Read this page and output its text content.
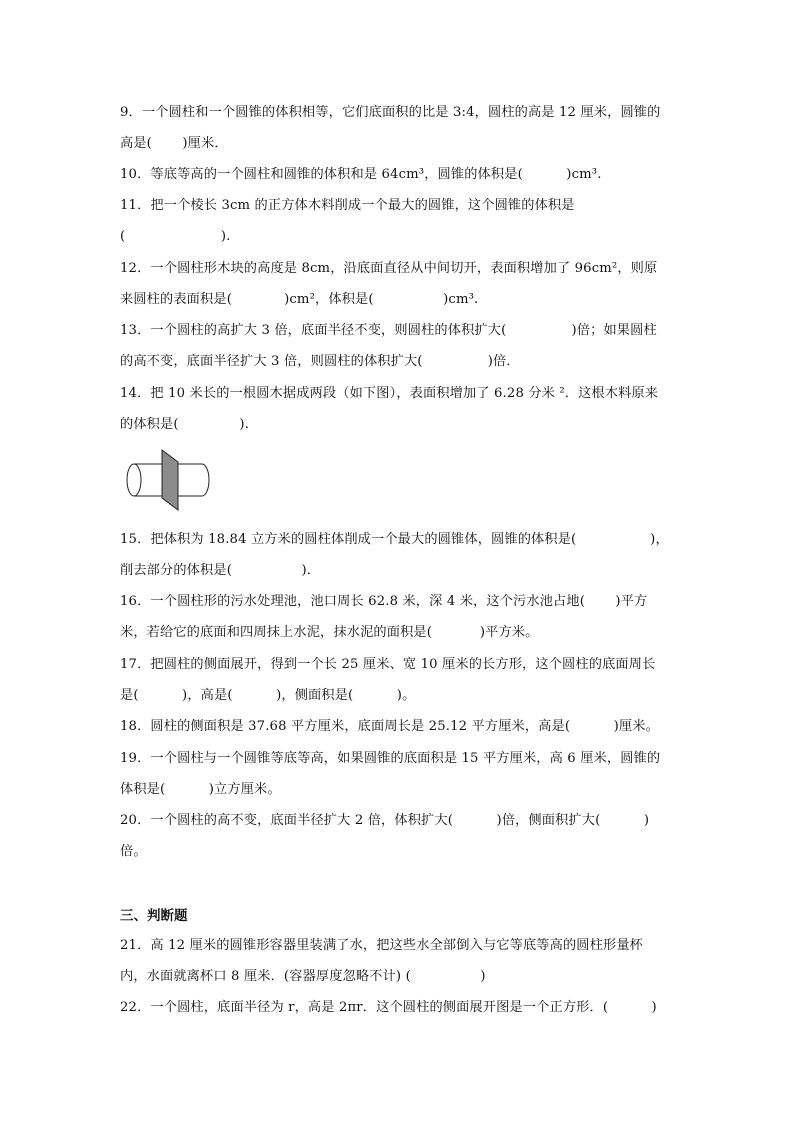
9．一个圆柱和一个圆锥的体积相等，它们底面积的比是 3:4，圆柱的高是 12 厘米，圆锥的
高是(       )厘米．
10．等底等高的一个圆柱和圆锥的体积和是 64cm³，圆锥的体积是(          )cm³.
11．把一个棱长 3cm 的正方体木料削成一个最大的圆锥，这个圆锥的体积是
(                      ).
12．一个圆柱形木块的高度是 8cm，沿底面直径从中间切开，表面积增加了 96cm²，则原
来圆柱的表面积是(            )cm²，体积是(                )cm³.
13．一个圆柱的高扩大 3 倍，底面半径不变，则圆柱的体积扩大(               )倍；如果圆柱
的高不变，底面半径扩大 3 倍，则圆柱的体积扩大(               )倍．
14．把 10 米长的一根圆木据成两段（如下图），表面积增加了 6.28 分米 ²．这根木料原来
的体积是(              ).
15．把体积为 18.84 立方米的圆柱体削成一个最大的圆锥体，圆锥的体积是(                 )，
削去部分的体积是(                )．
16．一个圆柱形的污水处理池，池口周长 62.8 米，深 4 米，这个污水池占地(       )平方
米，若给它的底面和四周抹上水泥，抹水泥的面积是(           )平方米。
17．把圆柱的侧面展开，得到一个长 25 厘米、宽 10 厘米的长方形，这个圆柱的底面周长
是(          )，高是(          )，侧面积是(          )。
18．圆柱的侧面积是 37.68 平方厘米，底面周长是 25.12 平方厘米，高是(          )厘米。
19．一个圆柱与一个圆锥等底等高，如果圆锥的底面积是 15 平方厘米，高 6 厘米，圆锥的
体积是(          )立方厘米。
20．一个圆柱的高不变，底面半径扩大 2 倍，体积扩大(          )倍，侧面积扩大(          )
倍。
三、判断题
21．高 12 厘米的圆锥形容器里装满了水，把这些水全部倒入与它等底等高的圆柱形量杯
内，水面就离杯口 8 厘米．(容器厚度忽略不计) (                )
22．一个圆柱，底面半径为 r，高是 2πr．这个圆柱的侧面展开图是一个正方形．(          )
